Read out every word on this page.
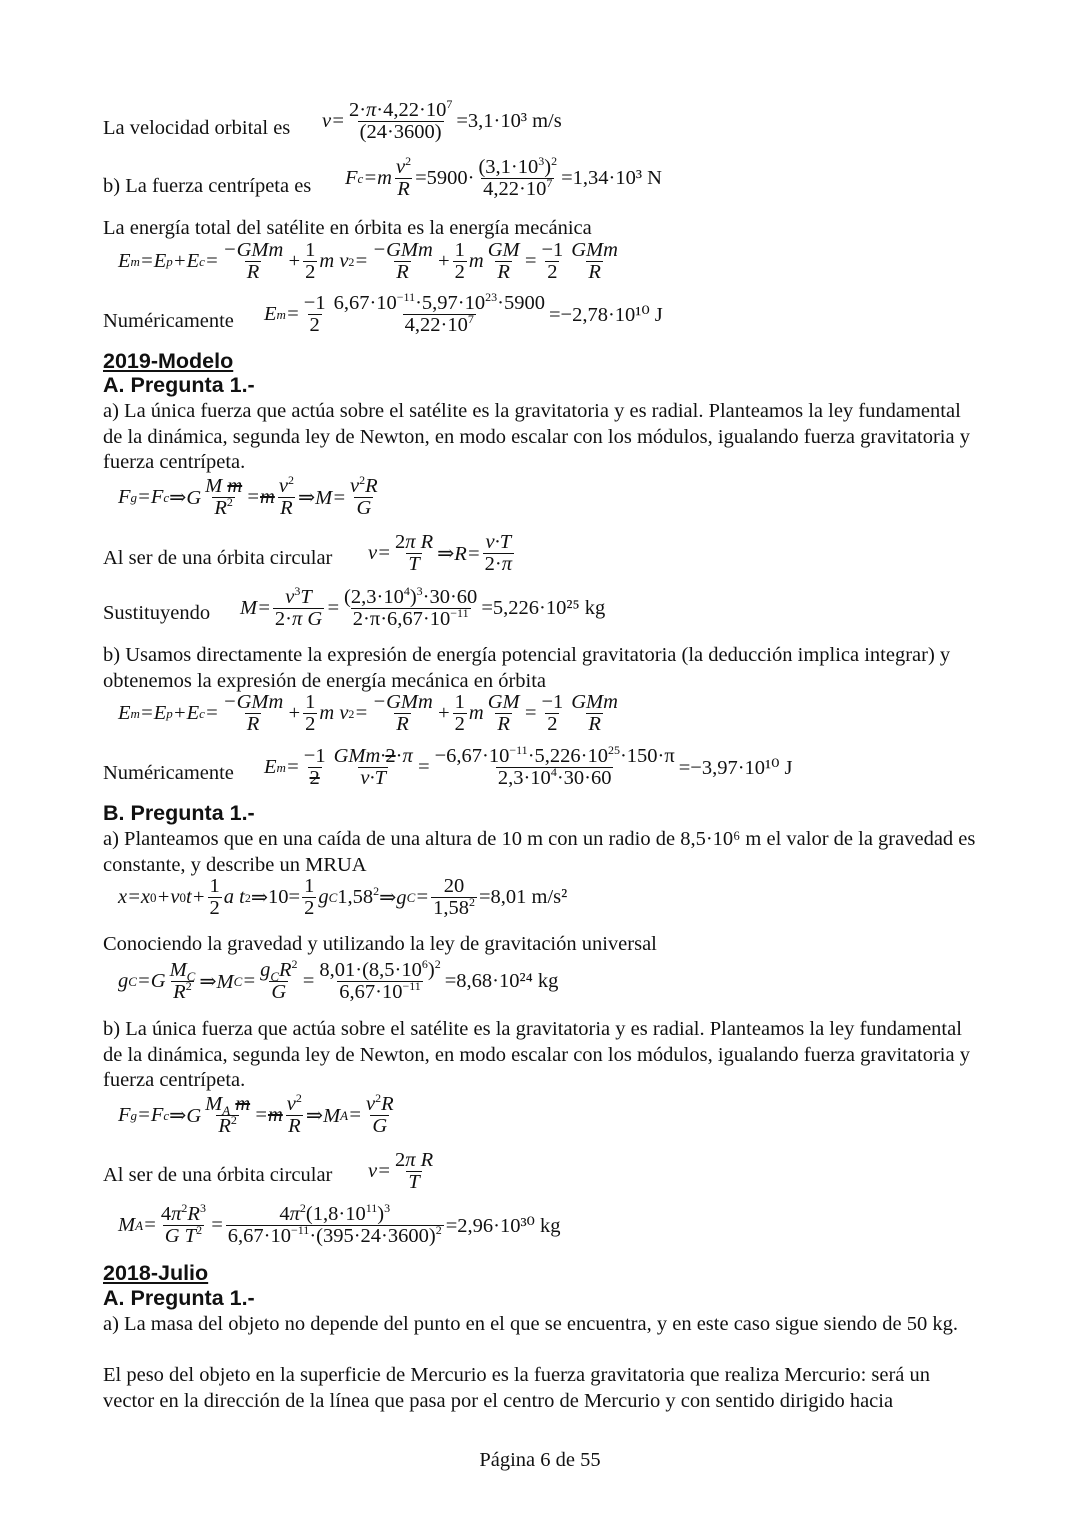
La velocidad orbital es $v= \frac{2\cdot\pi\cdot 4,22\cdot 10^7}{(24\cdot 3600)} =3,1\cdot 10^3$ m/s
b) La fuerza centrípeta es F $c =m \frac{v^2}{R} =5900\cdot \frac{(3,1\cdot 10^3)^2}{4,22\cdot 10^7} =1,34\cdot 10^3$ N
La energía total del satélite en órbita es la energía mecánica
E m =E p +E $c = \frac{\text{−GMm}}{R} + \frac{1}{2}$ m v $2 = \frac{\text{−GMm}}{R} + \frac{1}{2}$ m $\frac{GM}{R} = \frac{-1}{2} \frac{\text{GMm}}{R}$
Numéricamente E $m = \frac{-1}{2} \frac{6,67\cdot 10^{-11}\cdot 5,97\cdot 10^{23}\cdot 5900}{4,22\cdot 10^7} =-2,78\cdot 10^{10}$ J
2019-Modelo
A. Pregunta 1.-
a) La única fuerza que actúa sobre el satélite es la gravitatoria y es radial. Planteamos la ley fundamental de la dinámica, segunda ley de Newton, en modo escalar con los módulos, igualando fuerza gravitatoria y fuerza centrípeta.
F g =F c ⇒G $\frac{\text{M m}}{R^2} = m \frac{v^2}{R}$ ⇒M= $\frac{v^2R}{G}$
Al ser de una órbita circular $v= \frac{\text{2π R}}{T}$ ⇒R= $\frac{v\cdot T}{2\cdot\pi}$
Sustituyendo $M= \frac{v^3T}{\text{2·π G}} = \frac{(2,3\cdot 10^4)^3\cdot 30\cdot 60}{2\cdot\pi\cdot 6,67\cdot 10^{-11}} =5,226\cdot 10^{25}$ kg
b) Usamos directamente la expresión de energía potencial gravitatoria (la deducción implica integrar) y obtenemos la expresión de energía mecánica en órbita
E m =E p +E $c = \frac{\text{−GMm}}{R} + \frac{1}{2}$ m v $2 = \frac{\text{−GMm}}{R} + \frac{1}{2}$ m $\frac{GM}{R} = \frac{-1}{2} \frac{\text{GMm}}{R}$
Numéricamente E $m = \frac{-1}{2} \frac{\text{GMm·2·π}}{v\cdot T} = \frac{-6,67\cdot 10^{-11}\cdot 5,226\cdot 10^{25}\cdot 150\cdot\pi}{2,3\cdot 10^4\cdot 30\cdot 60} =-3,97\cdot 10^{10}$ J
B. Pregunta 1.-
a) Planteamos que en una caída de una altura de 10 m con un radio de 8,5·10⁶ m el valor de la gravedad es constante, y describe un MRUA
x=x 0 +v 0 $t+ \frac{1}{2}$ a t 2 ⇒ $10= \frac{1}{2}$ g C 1,58$^2$ ⇒g $C = \frac{20}{1,58^2} =8,01$ m/s²
Conociendo la gravedad y utilizando la ley de gravitación universal
g $C =G \frac{M_C}{R^2}$ ⇒M $C = \frac{g_CR^2}{G} = \frac{8,01\cdot(8,5\cdot 10^6)^2}{6,67\cdot 10^{-11}} =8,68\cdot 10^{24}$ kg
b) La única fuerza que actúa sobre el satélite es la gravitatoria y es radial. Planteamos la ley fundamental de la dinámica, segunda ley de Newton, en modo escalar con los módulos, igualando fuerza gravitatoria y fuerza centrípeta.
F g =F c ⇒G $\frac{M_A m}{R^2} = m \frac{v^2}{R}$ ⇒M $A = \frac{v^2R}{G}$
Al ser de una órbita circular $v= \frac{\text{2π R}}{T}$
M $A = \frac{4\pi^2R^3}{G T^2} = \frac{4\pi^2(1,8\cdot 10^{11})^3}{6,67\cdot 10^{-11}\cdot(395\cdot 24\cdot 3600)^2} =2,96\cdot 10^{30}$ kg
2018-Julio
A. Pregunta 1.-
a) La masa del objeto no depende del punto en el que se encuentra, y en este caso sigue siendo de 50 kg.
El peso del objeto en la superficie de Mercurio es la fuerza gravitatoria que realiza Mercurio: será un vector en la dirección de la línea que pasa por el centro de Mercurio y con sentido dirigido hacia
Página 6 de 55
